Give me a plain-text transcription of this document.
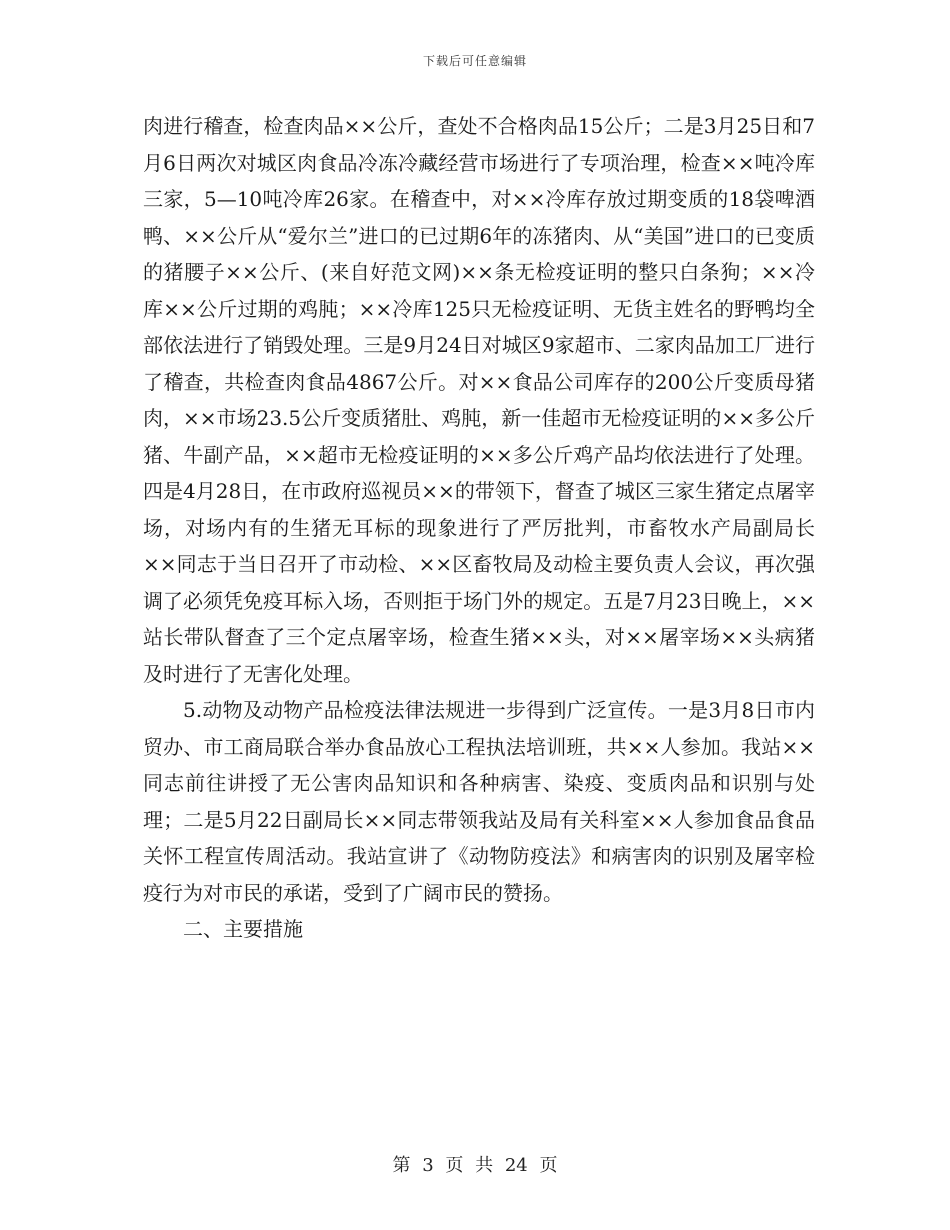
下载后可任意编辑

肉进行稽查，检查肉品××公斤，查处不合格肉品15公斤；二是3月25日和7月6日两次对城区肉食品冷冻冷藏经营市场进行了专项治理，检查××吨冷库三家，5—10吨冷库26家。在稽查中，对××冷库存放过期变质的18袋啤酒鸭、××公斤从“爱尔兰”进口的已过期6年的冻猪肉、从“美国”进口的已变质的猪腰子××公斤、(来自好范文网)××条无检疫证明的整只白条狗；××冷库××公斤过期的鸡肫；××冷库125只无检疫证明、无货主姓名的野鸭均全部依法进行了销毁处理。三是9月24日对城区9家超市、二家肉品加工厂进行了稽查，共检查肉食品4867公斤。对××食品公司库存的200公斤变质母猪肉，××市场23.5公斤变质猪肚、鸡肫，新一佳超市无检疫证明的××多公斤猪、牛副产品，××超市无检疫证明的××多公斤鸡产品均依法进行了处理。四是4月28日，在市政府巡视员××的带领下，督查了城区三家生猪定点屠宰场，对场内有的生猪无耳标的现象进行了严厉批判，市畜牧水产局副局长××同志于当日召开了市动检、××区畜牧局及动检主要负责人会议，再次强调了必须凭免疫耳标入场，否则拒于场门外的规定。五是7月23日晚上，××站长带队督查了三个定点屠宰场，检查生猪××头，对××屠宰场××头病猪及时进行了无害化处理。

5.动物及动物产品检疫法律法规进一步得到广泛宣传。一是3月8日市内贸办、市工商局联合举办食品放心工程执法培训班，共××人参加。我站××同志前往讲授了无公害肉品知识和各种病害、染疫、变质肉品和识别与处理；二是5月22日副局长××同志带领我站及局有关科室××人参加食品食品关怀工程宣传周活动。我站宣讲了《动物防疫法》和病害肉的识别及屠宰检疫行为对市民的承诺，受到了广阔市民的赞扬。

二、主要措施

第 3 页 共 24 页
